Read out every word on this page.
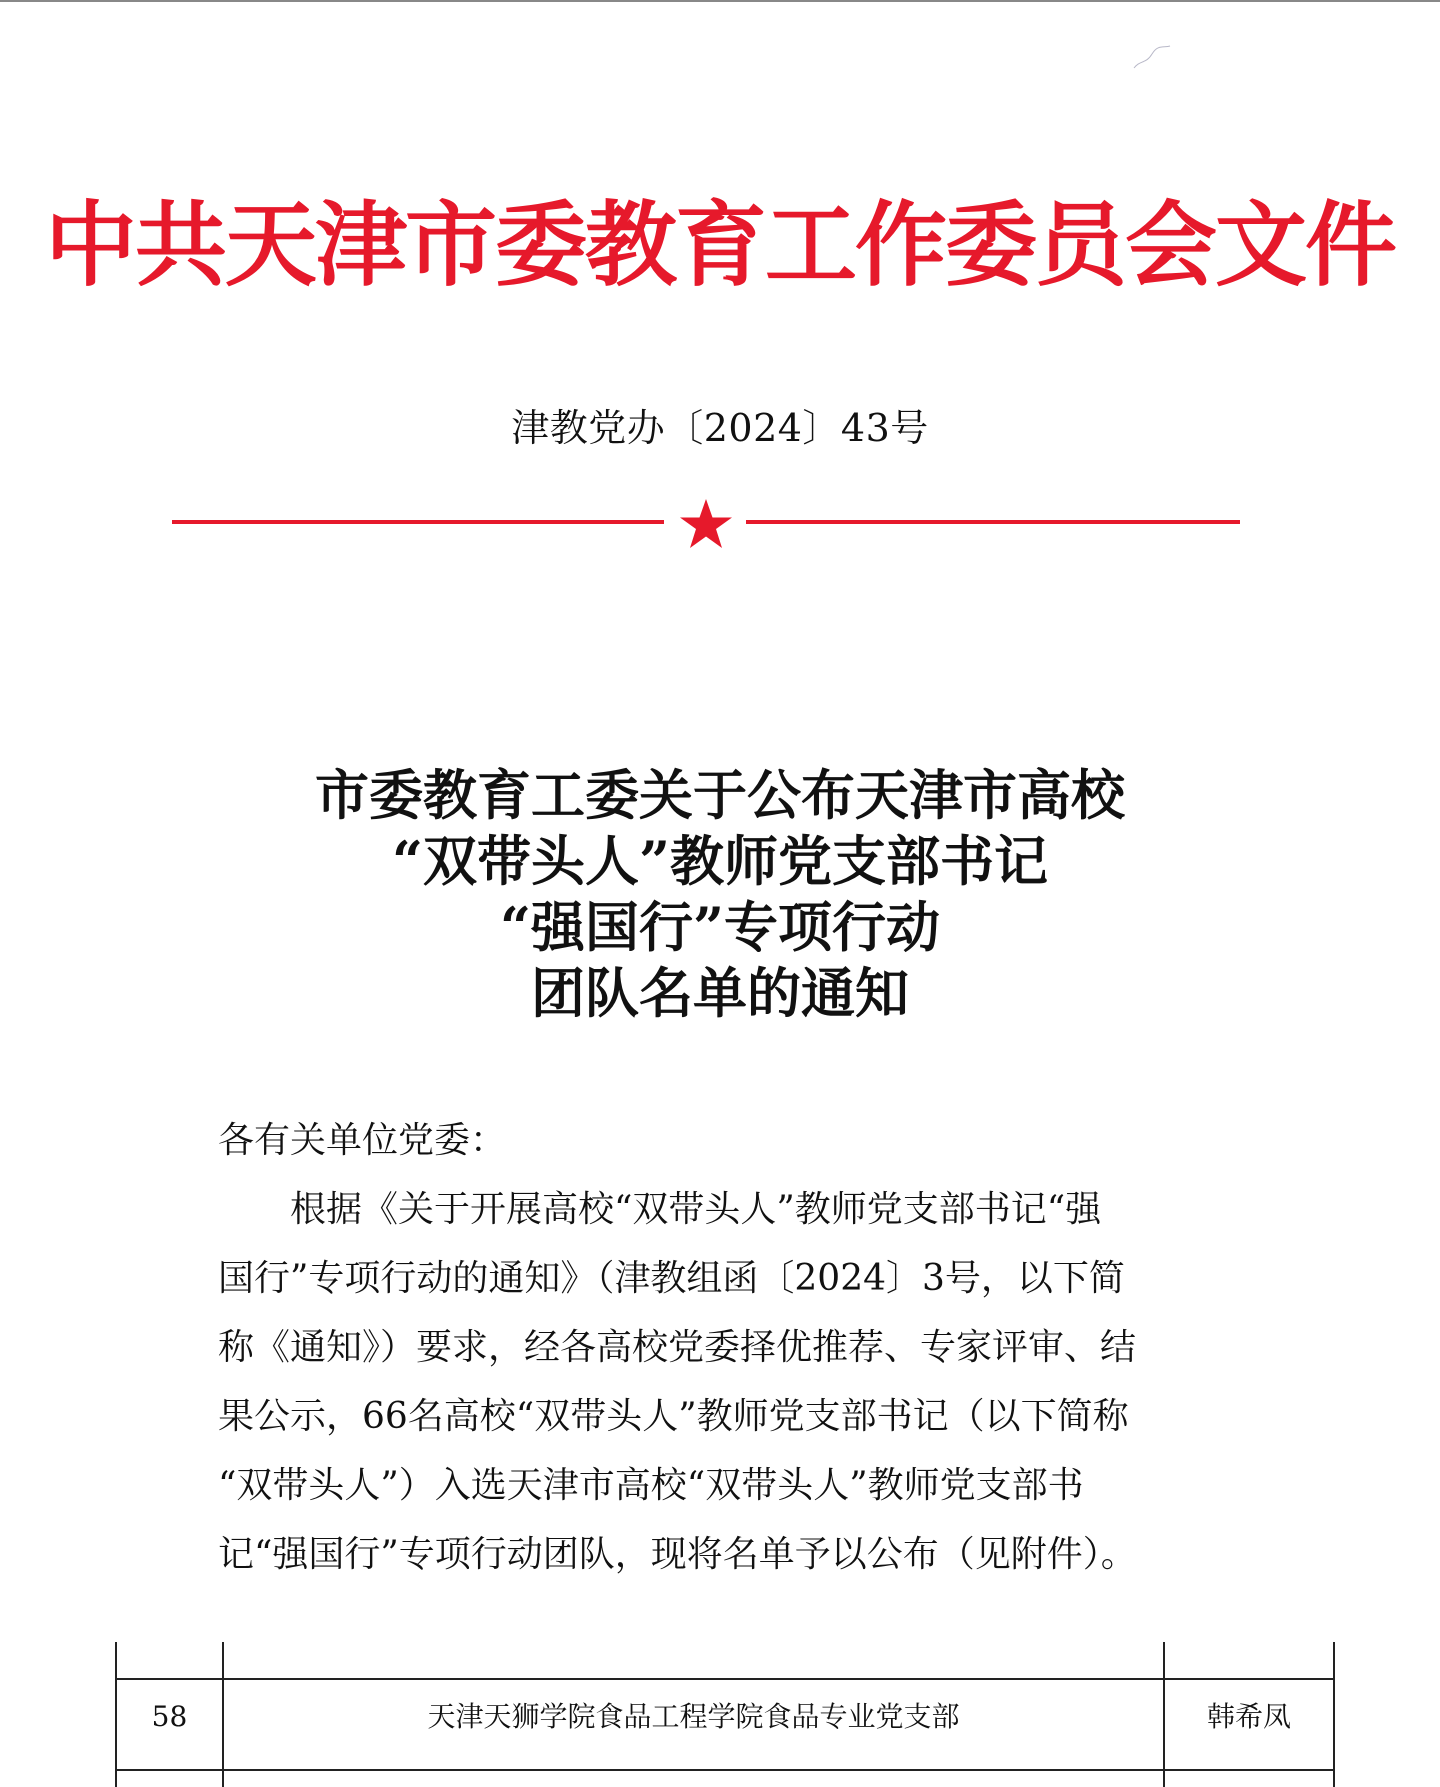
中共天津市委教育工作委员会文件
津教党办〔2024〕43号
市委教育工委关于公布天津市高校
“双带头人”教师党支部书记
“强国行”专项行动
团队名单的通知
各有关单位党委：
　　根据《关于开展高校“双带头人”教师党支部书记“强
国行”专项行动的通知》（津教组函〔2024〕3号，以下简
称《通知》）要求，经各高校党委择优推荐、专家评审、结
果公示，66名高校“双带头人”教师党支部书记（以下简称
“双带头人”）入选天津市高校“双带头人”教师党支部书
记“强国行”专项行动团队，现将名单予以公布（见附件）。
58	天津天狮学院食品工程学院食品专业党支部	韩希凤
